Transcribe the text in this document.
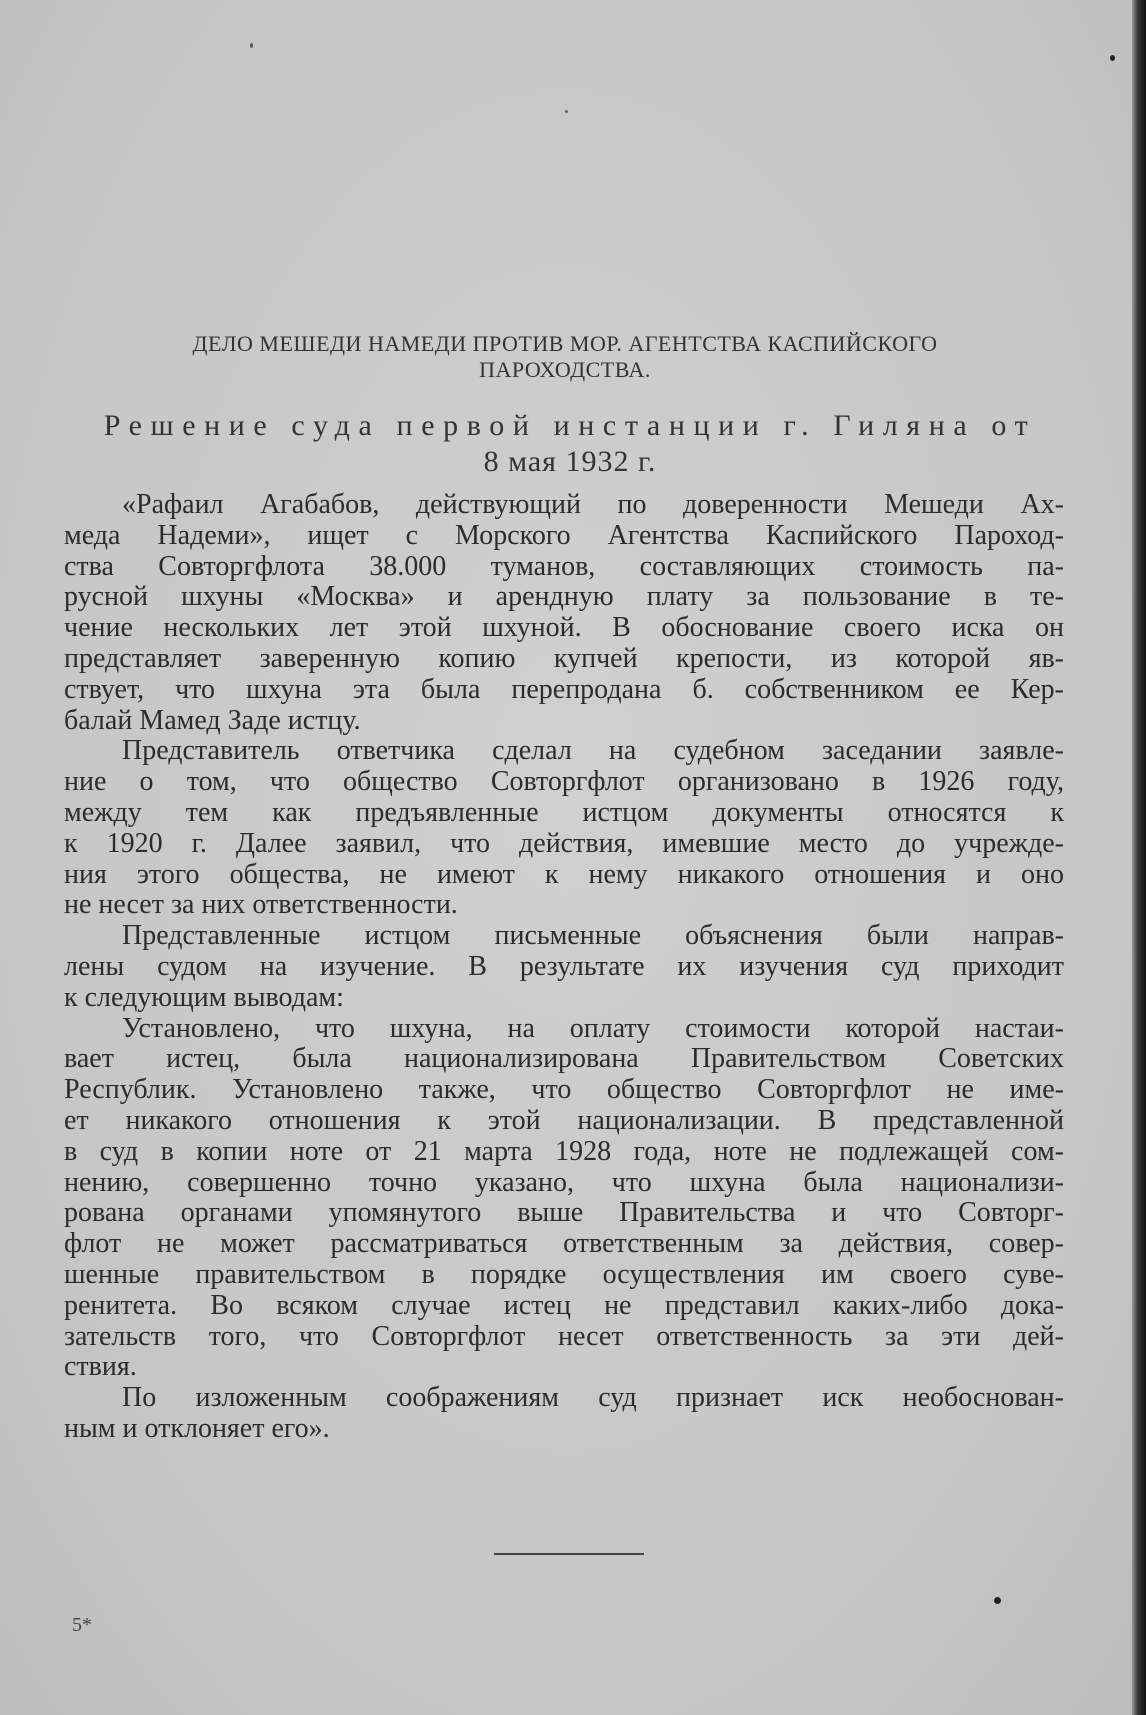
ДЕЛО МЕШЕДИ НАМЕДИ ПРОТИВ МОР. АГЕНТСТВА КАСПИЙСКОГО
ПАРОХОДСТВА.
Решение суда первой инстанции г. Гиляна от
8 мая 1932 г.
«Рафаил Агабабов, действующий по доверенности Мешеди Ах-
меда Надеми», ищет с Морского Агентства Каспийского Пароход-
ства Совторгфлота 38.000 туманов, составляющих стоимость па-
русной шхуны «Москва» и арендную плату за пользование в те-
чение нескольких лет этой шхуной. В обоснование своего иска он
представляет заверенную копию купчей крепости, из которой яв-
ствует, что шхуна эта была перепродана б. собственником ее Кер-
балай Мамед Заде истцу.
Представитель ответчика сделал на судебном заседании заявле-
ние о том, что общество Совторгфлот организовано в 1926 году,
между тем как предъявленные истцом документы относятся к
к 1920 г. Далее заявил, что действия, имевшие место до учрежде-
ния этого общества, не имеют к нему никакого отношения и оно
не несет за них ответственности.
Представленные истцом письменные объяснения были направ-
лены судом на изучение. В результате их изучения суд приходит
к следующим выводам:
Установлено, что шхуна, на оплату стоимости которой настаи-
вает истец, была национализирована Правительством Советских
Республик. Установлено также, что общество Совторгфлот не име-
ет никакого отношения к этой национализации. В представленной
в суд в копии ноте от 21 марта 1928 года, ноте не подлежащей сом-
нению, совершенно точно указано, что шхуна была национализи-
рована органами упомянутого выше Правительства и что Совторг-
флот не может рассматриваться ответственным за действия, совер-
шенные правительством в порядке осуществления им своего суве-
ренитета. Во всяком случае истец не представил каких-либо дока-
зательств того, что Совторгфлот несет ответственность за эти дей-
ствия.
По изложенным соображениям суд признает иск необоснован-
ным и отклоняет его».
5*
